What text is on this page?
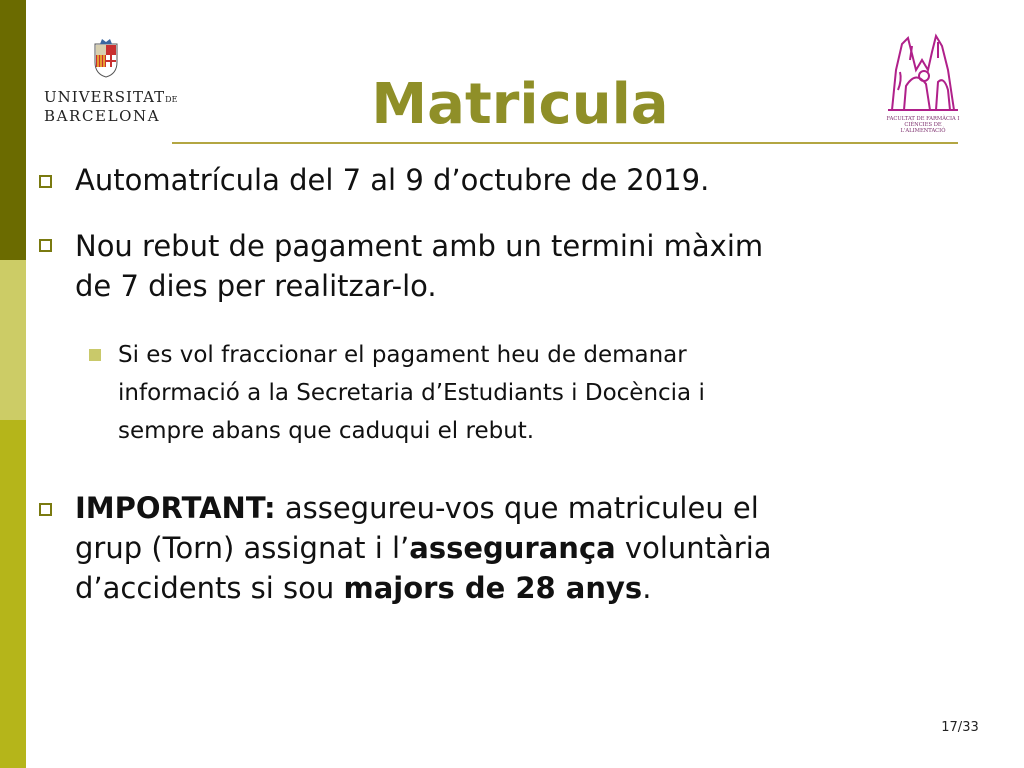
UNIVERSITATDE
BARCELONA	Matricula	FACULTAT DE FARMÀCIA I
CIÈNCIES DE L'ALIMENTACIÓ
Automatrícula del 7 al 9 d’octubre de 2019.
Nou rebut de pagament amb un termini màxim
de 7 dies per realitzar-lo.
Si es vol fraccionar el pagament heu de demanar
informació a la Secretaria d’Estudiants i Docència i
sempre abans que caduqui el rebut.
IMPORTANT: assegureu-vos que matriculeu el
grup (Torn) assignat i l’assegurança voluntària
d’accidents si sou majors de 28 anys.
17/33
